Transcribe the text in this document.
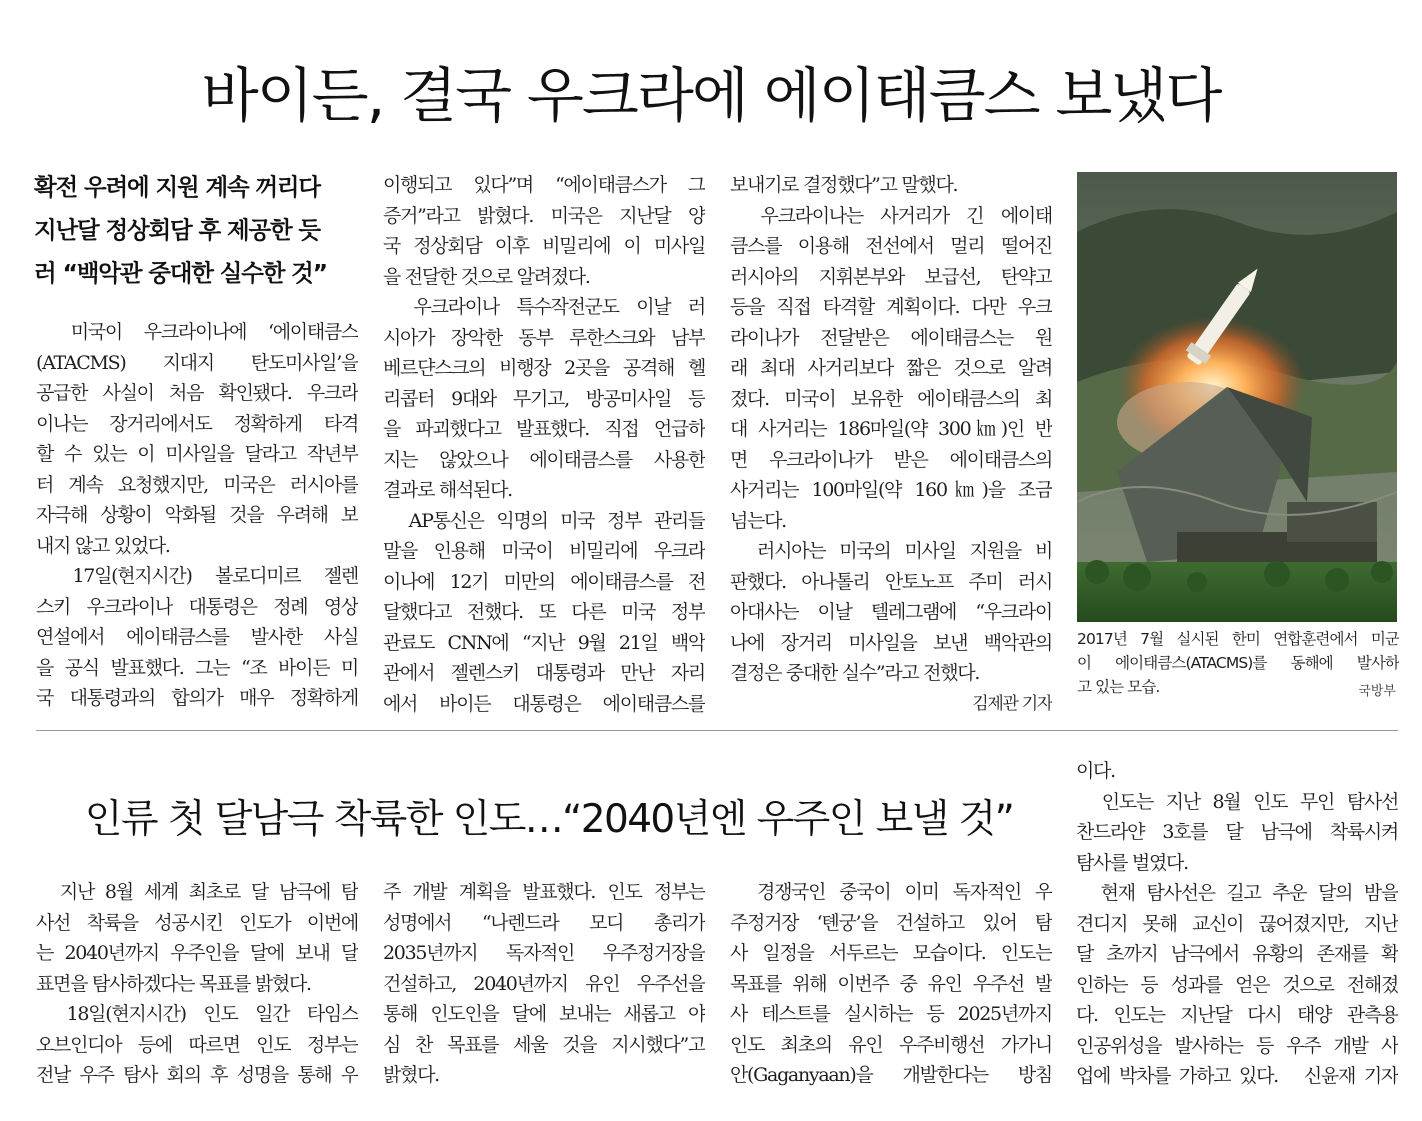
바이든, 결국 우크라에 에이태큼스 보냈다
확전 우려에 지원 계속 꺼리다
지난달 정상회담 후 제공한 듯
러 “백악관 중대한 실수한 것”
　미국이 우크라이나에 ‘에이태큼스
(ATACMS) 지대지 탄도미사일’을
공급한 사실이 처음 확인됐다. 우크라
이나는 장거리에서도 정확하게 타격
할 수 있는 이 미사일을 달라고 작년부
터 계속 요청했지만, 미국은 러시아를
자극해 상황이 악화될 것을 우려해 보
내지 않고 있었다.
　17일(현지시간) 볼로디미르 젤렌
스키 우크라이나 대통령은 정례 영상
연설에서 에이태큼스를 발사한 사실
을 공식 발표했다. 그는 “조 바이든 미
국 대통령과의 합의가 매우 정확하게
이행되고 있다”며 “에이태큼스가 그
증거”라고 밝혔다. 미국은 지난달 양
국 정상회담 이후 비밀리에 이 미사일
을 전달한 것으로 알려졌다.
　우크라이나 특수작전군도 이날 러
시아가 장악한 동부 루한스크와 남부
베르댠스크의 비행장 2곳을 공격해 헬
리콥터 9대와 무기고, 방공미사일 등
을 파괴했다고 발표했다. 직접 언급하
지는 않았으나 에이태큼스를 사용한
결과로 해석된다.
　AP통신은 익명의 미국 정부 관리들
말을 인용해 미국이 비밀리에 우크라
이나에 12기 미만의 에이태큼스를 전
달했다고 전했다. 또 다른 미국 정부
관료도 CNN에 “지난 9월 21일 백악
관에서 젤렌스키 대통령과 만난 자리
에서 바이든 대통령은 에이태큼스를
보내기로 결정했다”고 말했다.
　우크라이나는 사거리가 긴 에이태
큼스를 이용해 전선에서 멀리 떨어진
러시아의 지휘본부와 보급선, 탄약고
등을 직접 타격할 계획이다. 다만 우크
라이나가 전달받은 에이태큼스는 원
래 최대 사거리보다 짧은 것으로 알려
졌다. 미국이 보유한 에이태큼스의 최
대 사거리는 186마일(약 300㎞)인 반
면 우크라이나가 받은 에이태큼스의
사거리는 100마일(약 160㎞)을 조금
넘는다.
　러시아는 미국의 미사일 지원을 비
판했다. 아나톨리 안토노프 주미 러시
아대사는 이날 텔레그램에 “우크라이
나에 장거리 미사일을 보낸 백악관의
결정은 중대한 실수”라고 전했다.
김제관 기자
2017년 7월 실시된 한미 연합훈련에서 미군
이 에이태큼스(ATACMS)를 동해에 발사하
고 있는 모습.	국방부
인류 첫 달남극 착륙한 인도…“2040년엔 우주인 보낼 것”
　지난 8월 세계 최초로 달 남극에 탐
사선 착륙을 성공시킨 인도가 이번에
는 2040년까지 우주인을 달에 보내 달
표면을 탐사하겠다는 목표를 밝혔다.
　18일(현지시간) 인도 일간 타임스
오브인디아 등에 따르면 인도 정부는
전날 우주 탐사 회의 후 성명을 통해 우
주 개발 계획을 발표했다. 인도 정부는
성명에서 “나렌드라 모디 총리가
2035년까지 독자적인 우주정거장을
건설하고, 2040년까지 유인 우주선을
통해 인도인을 달에 보내는 새롭고 야
심 찬 목표를 세울 것을 지시했다”고
밝혔다.
　경쟁국인 중국이 이미 독자적인 우
주정거장 ‘톈궁’을 건설하고 있어 탐
사 일정을 서두르는 모습이다. 인도는
목표를 위해 이번주 중 유인 우주선 발
사 테스트를 실시하는 등 2025년까지
인도 최초의 유인 우주비행선 가가니
안(Gaganyaan)을 개발한다는 방침
이다.
　인도는 지난 8월 인도 무인 탐사선
찬드라얀 3호를 달 남극에 착륙시켜
탐사를 벌였다.
　현재 탐사선은 길고 추운 달의 밤을
견디지 못해 교신이 끊어졌지만, 지난
달 초까지 남극에서 유황의 존재를 확
인하는 등 성과를 얻은 것으로 전해졌
다. 인도는 지난달 다시 태양 관측용
인공위성을 발사하는 등 우주 개발 사
업에 박차를 가하고 있다.　신윤재 기자
